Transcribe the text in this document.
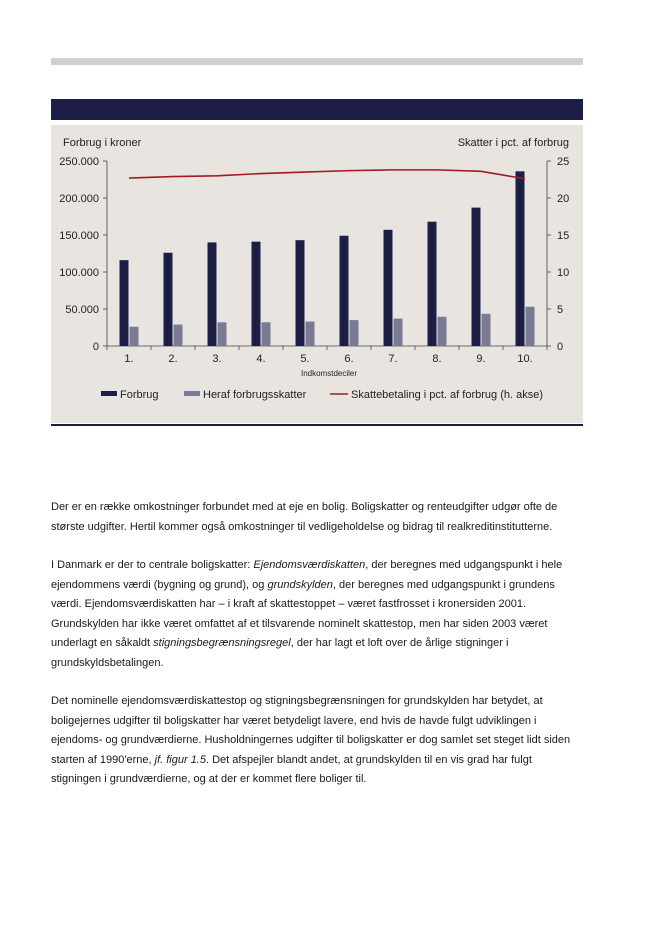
Forbrug i kroner	Skatter i pct. af forbrug
0
50.000
100.000
150.000
200.000
250.000
0
5
10
15
20
25
1.	2.	3.	4.	5.	6.	7.	8.	9.	10.
Indkomstdeciler
Forbrug	Heraf forbrugsskatter	Skattebetaling i pct. af forbrug (h. akse)

Der er en række omkostninger forbundet med at eje en bolig. Boligskatter og renteudgifter udgør ofte de største udgifter. Hertil kommer også omkostninger til vedligeholdelse og bidrag til realkreditinstitutterne.

I Danmark er der to centrale boligskatter: Ejendomsværdiskatten, der beregnes med udgangspunkt i hele ejendommens værdi (bygning og grund), og grundskylden, der beregnes med udgangspunkt i grundens værdi. Ejendomsværdiskatten har – i kraft af skattestoppet – været fastfrosset i kronersiden 2001. Grundskylden har ikke været omfattet af et tilsvarende nominelt skattestop, men har siden 2003 været underlagt en såkaldt stigningsbegrænsningsregel, der har lagt et loft over de årlige stigninger i grundskyldsbetalingen.

Det nominelle ejendomsværdiskattestop og stigningsbegrænsningen for grundskylden har betydet, at boligejernes udgifter til boligskatter har været betydeligt lavere, end hvis de havde fulgt udviklingen i ejendoms- og grundværdierne. Husholdningernes udgifter til boligskatter er dog samlet set steget lidt siden starten af 1990'erne, jf. figur 1.5. Det afspejler blandt andet, at grundskylden til en vis grad har fulgt stigningen i grundværdierne, og at der er kommet flere boliger til.
